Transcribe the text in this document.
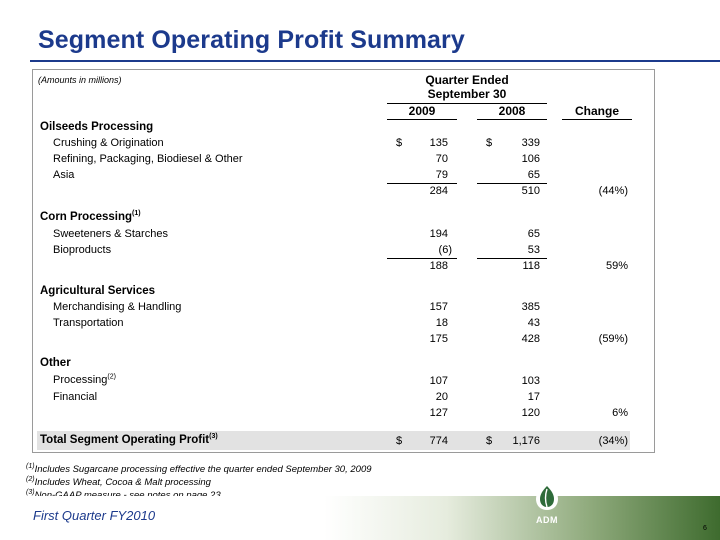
Segment Operating Profit Summary
(Amounts in millions)	Quarter Ended
September 30
2009	2008	Change
Oilseeds Processing
Crushing & Origination	$	135	$	339
Refining, Packaging, Biodiesel & Other	70	106
Asia	79	65
284	510	(44%)
Corn Processing$^{(1)}$
Sweeteners & Starches	194	65
Bioproducts	(6)	53
188	118	59%
Agricultural Services
Merchandising & Handling	157	385
Transportation	18	43
175	428	(59%)
Other
Processing$^{(2)}$	107	103
Financial	20	17
127	120	6%
Total Segment Operating Profit$^{(3)}$	$	774	$	1,176	(34%)
$^{(1)}$Includes Sugarcane processing effective the quarter ended September 30, 2009
$^{(2)}$Includes Wheat, Cocoa & Malt processing
$^{(3)}$
First Quarter FY2010	ADM
6
